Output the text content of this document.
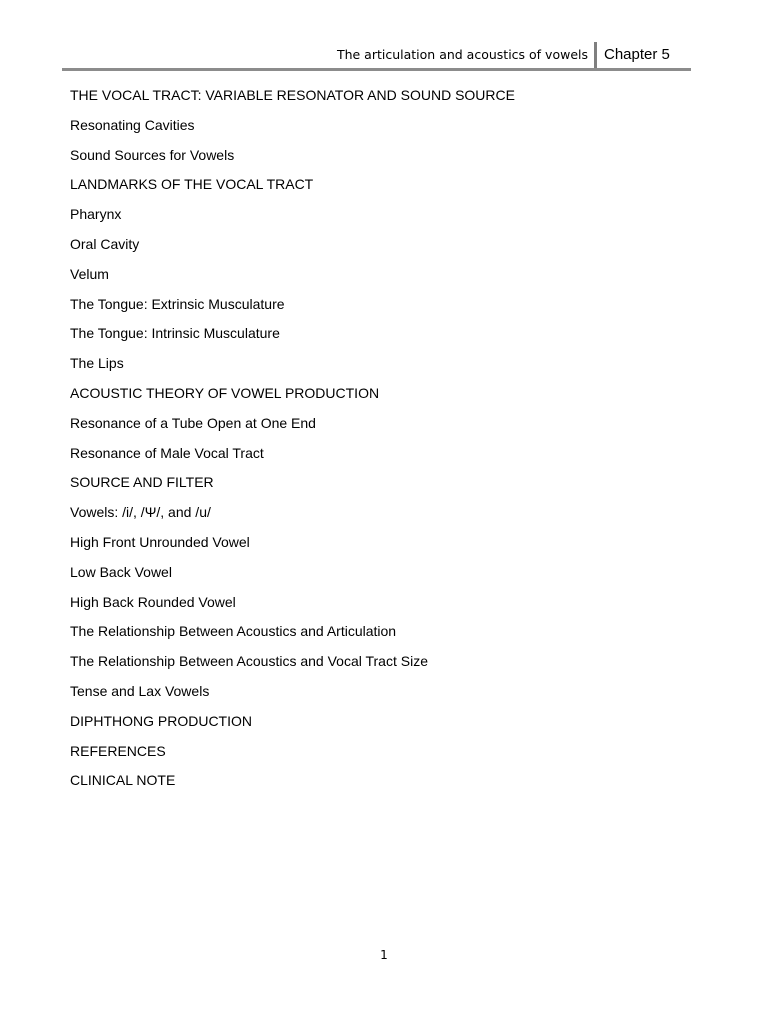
The articulation and acoustics of vowels Chapter 5
THE VOCAL TRACT: VARIABLE RESONATOR AND SOUND SOURCE
Resonating Cavities
Sound Sources for Vowels
LANDMARKS OF THE VOCAL TRACT
Pharynx
Oral Cavity
Velum
The Tongue: Extrinsic Musculature
The Tongue: Intrinsic Musculature
The Lips
ACOUSTIC THEORY OF VOWEL PRODUCTION
Resonance of a Tube Open at One End
Resonance of Male Vocal Tract
SOURCE AND FILTER
Vowels: /i/, /Ψ/, and /u/
High Front Unrounded Vowel
Low Back Vowel
High Back Rounded Vowel
The Relationship Between Acoustics and Articulation
The Relationship Between Acoustics and Vocal Tract Size
Tense and Lax Vowels
DIPHTHONG PRODUCTION
REFERENCES
CLINICAL NOTE
1
